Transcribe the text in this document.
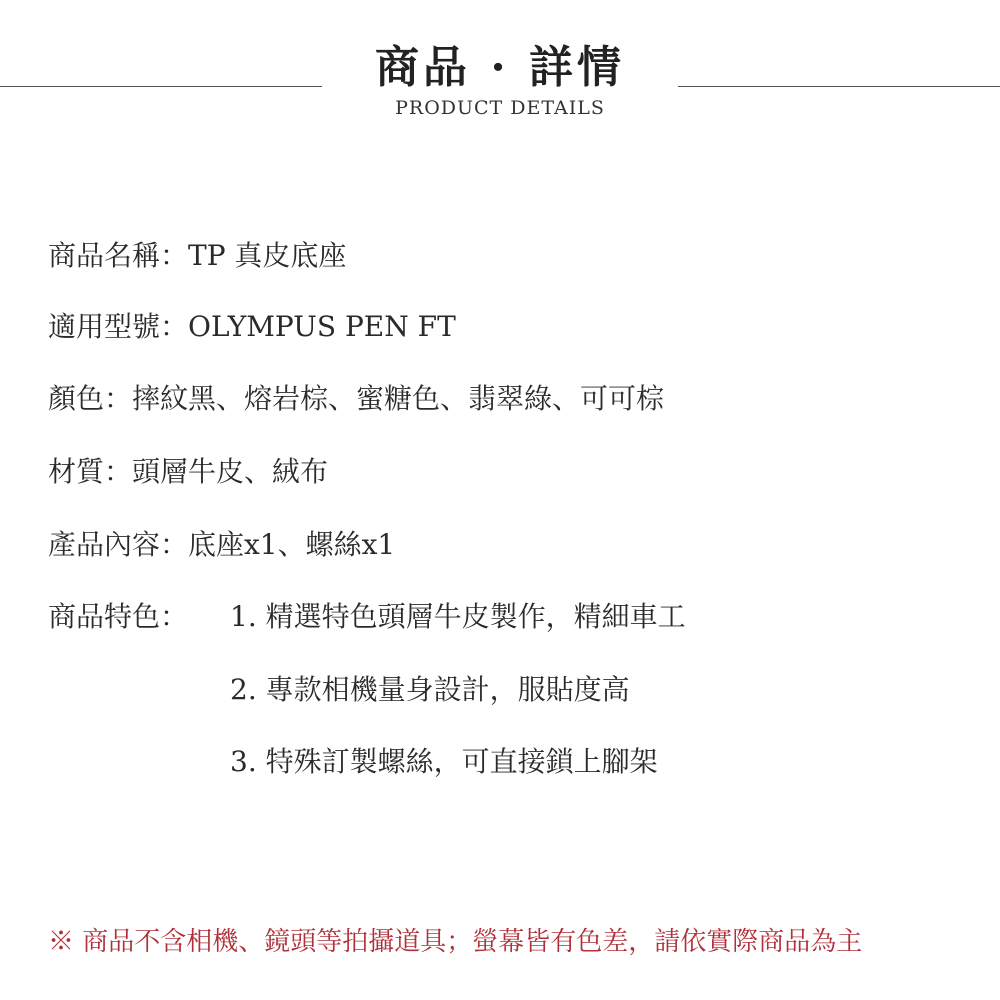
商品 · 詳情
PRODUCT DETAILS
商品名稱：TP 真皮底座
適用型號：OLYMPUS PEN FT
顏色：摔紋黑、熔岩棕、蜜糖色、翡翠綠、可可棕
材質：頭層牛皮、絨布
產品內容：底座x1、螺絲x1
商品特色： 1. 精選特色頭層牛皮製作，精細車工
2. 專款相機量身設計，服貼度高
3. 特殊訂製螺絲，可直接鎖上腳架
※ 商品不含相機、鏡頭等拍攝道具；螢幕皆有色差，請依實際商品為主
